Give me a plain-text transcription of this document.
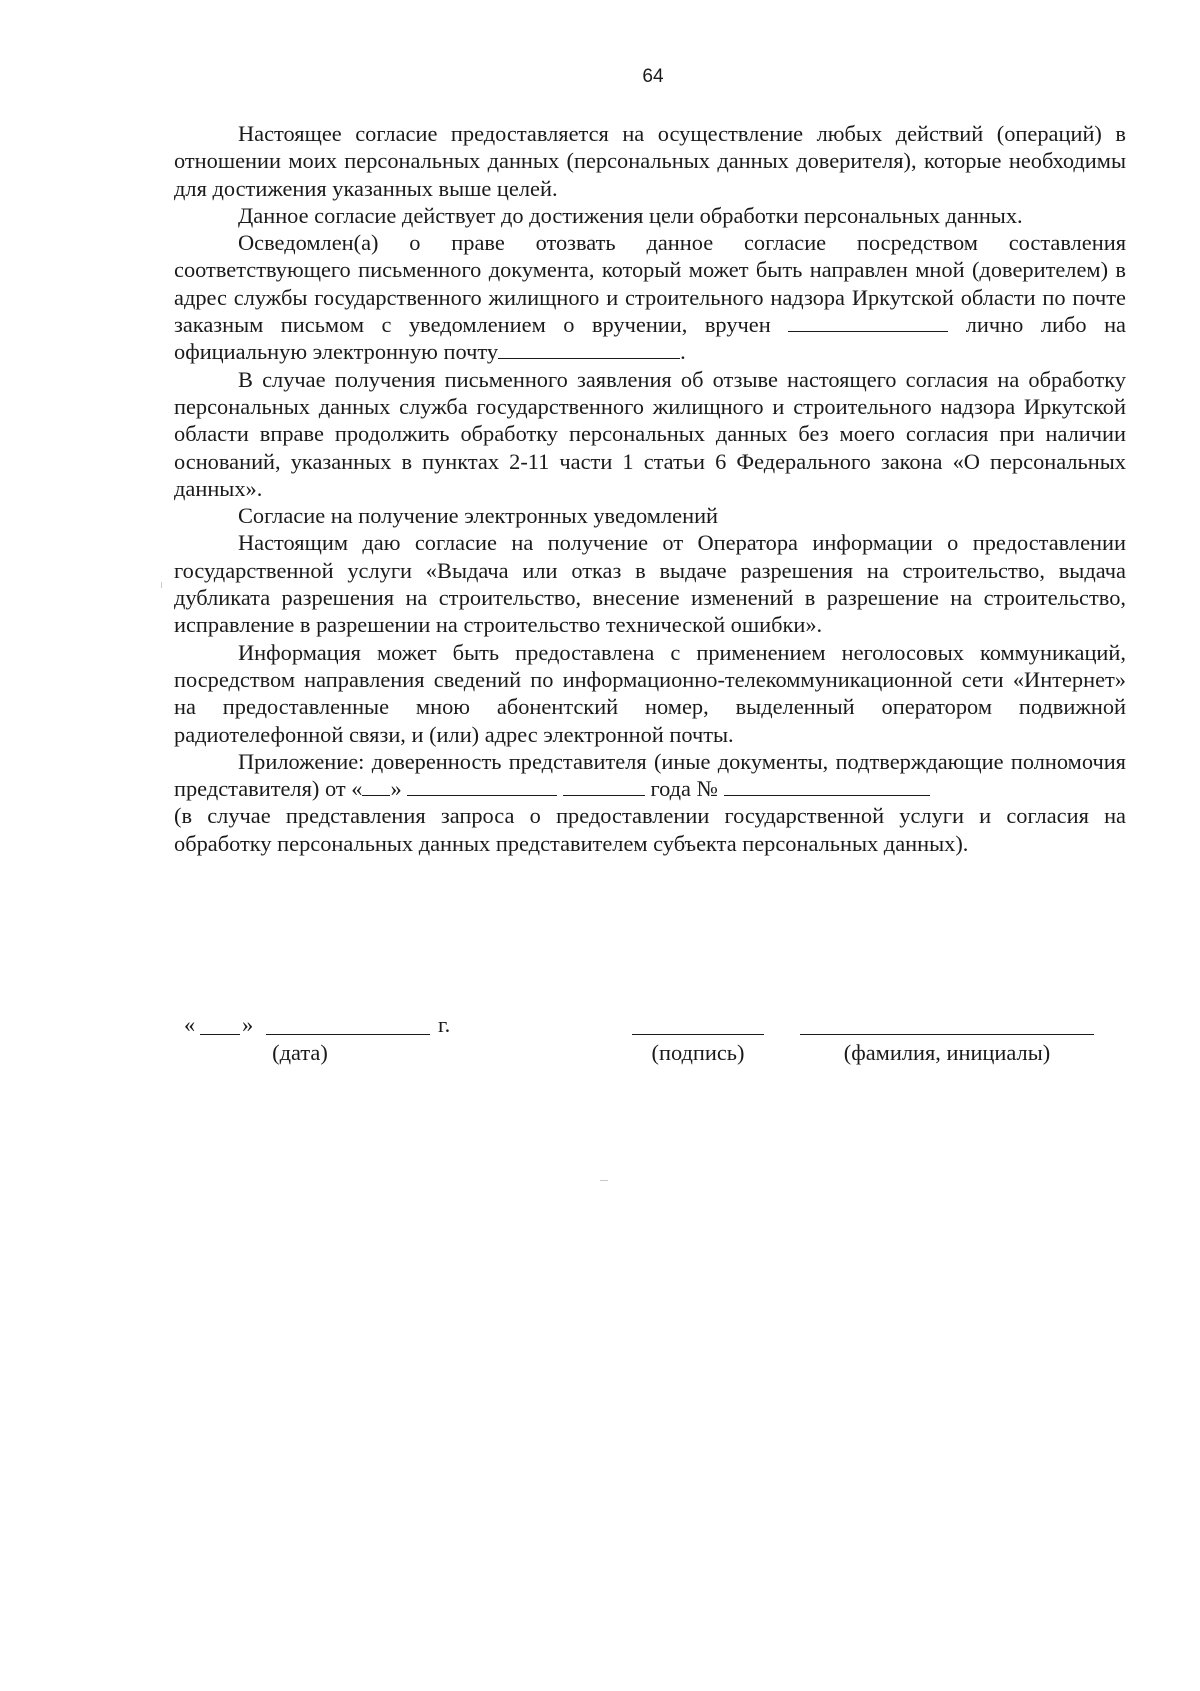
64

Настоящее согласие предоставляется на осуществление любых действий (операций) в отношении моих персональных данных (персональных данных доверителя), которые необходимы для достижения указанных выше целей.

Данное согласие действует до достижения цели обработки персональных данных.

Осведомлен(а) о праве отозвать данное согласие посредством составления соответствующего письменного документа, который может быть направлен мной (доверителем) в адрес службы государственного жилищного и строительного надзора Иркутской области по почте заказным письмом с уведомлением о вручении, вручен	лично либо на официальную электронную почту	.

В случае получения письменного заявления об отзыве настоящего согласия на обработку персональных данных служба государственного жилищного и строительного надзора Иркутской области вправе продолжить обработку персональных данных без моего согласия при наличии оснований, указанных в пунктах 2-11 части 1 статьи 6 Федерального закона «О персональных данных».

Согласие на получение электронных уведомлений

Настоящим даю согласие на получение от Оператора информации о предоставлении государственной услуги «Выдача или отказ в выдаче разрешения на строительство, выдача дубликата разрешения на строительство, внесение изменений в разрешение на строительство, исправление в разрешении на строительство технической ошибки».

Информация может быть предоставлена с применением неголосовых коммуникаций, посредством направления сведений по информационно-телекоммуникационной сети «Интернет» на предоставленные мною абонентский номер, выделенный оператором подвижной радиотелефонной связи, и (или) адрес электронной почты.

Приложение: доверенность представителя (иные документы, подтверждающие полномочия представителя) от « »	года №

(в случае представления запроса о предоставлении государственной услуги и согласия на обработку персональных данных представителем субъекта персональных данных).

« »	г.
(дата)	(подпись)	(фамилия, инициалы)
